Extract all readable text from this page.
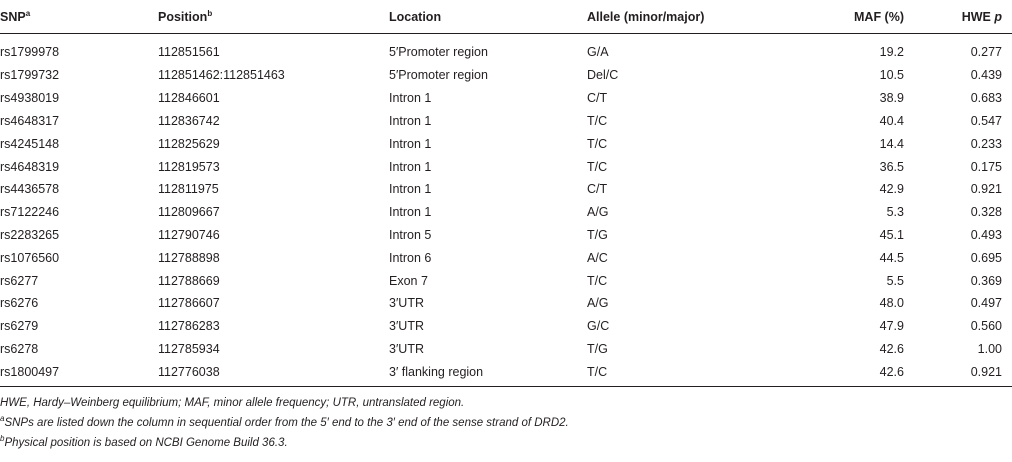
SNP$^a$	Position$^b$	Location	Allele (minor/major)	MAF (%)	HWE p
rs1799978	112851561	5′Promoter region	G/A	19.2	0.277
rs1799732	112851462:112851463	5′Promoter region	Del/C	10.5	0.439
rs4938019	112846601	Intron 1	C/T	38.9	0.683
rs4648317	112836742	Intron 1	T/C	40.4	0.547
rs4245148	112825629	Intron 1	T/C	14.4	0.233
rs4648319	112819573	Intron 1	T/C	36.5	0.175
rs4436578	112811975	Intron 1	C/T	42.9	0.921
rs7122246	112809667	Intron 1	A/G	5.3	0.328
rs2283265	112790746	Intron 5	T/G	45.1	0.493
rs1076560	112788898	Intron 6	A/C	44.5	0.695
rs6277	112788669	Exon 7	T/C	5.5	0.369
rs6276	112786607	3′UTR	A/G	48.0	0.497
rs6279	112786283	3′UTR	G/C	47.9	0.560
rs6278	112785934	3′UTR	T/G	42.6	1.00
rs1800497	112776038	3′ flanking region	T/C	42.6	0.921
HWE, Hardy–Weinberg equilibrium; MAF, minor allele frequency; UTR, untranslated region.
$^a$SNPs are listed down the column in sequential order from the 5′ end to the 3′ end of the sense strand of DRD2.
$^b$Physical position is based on NCBI Genome Build 36.3.
